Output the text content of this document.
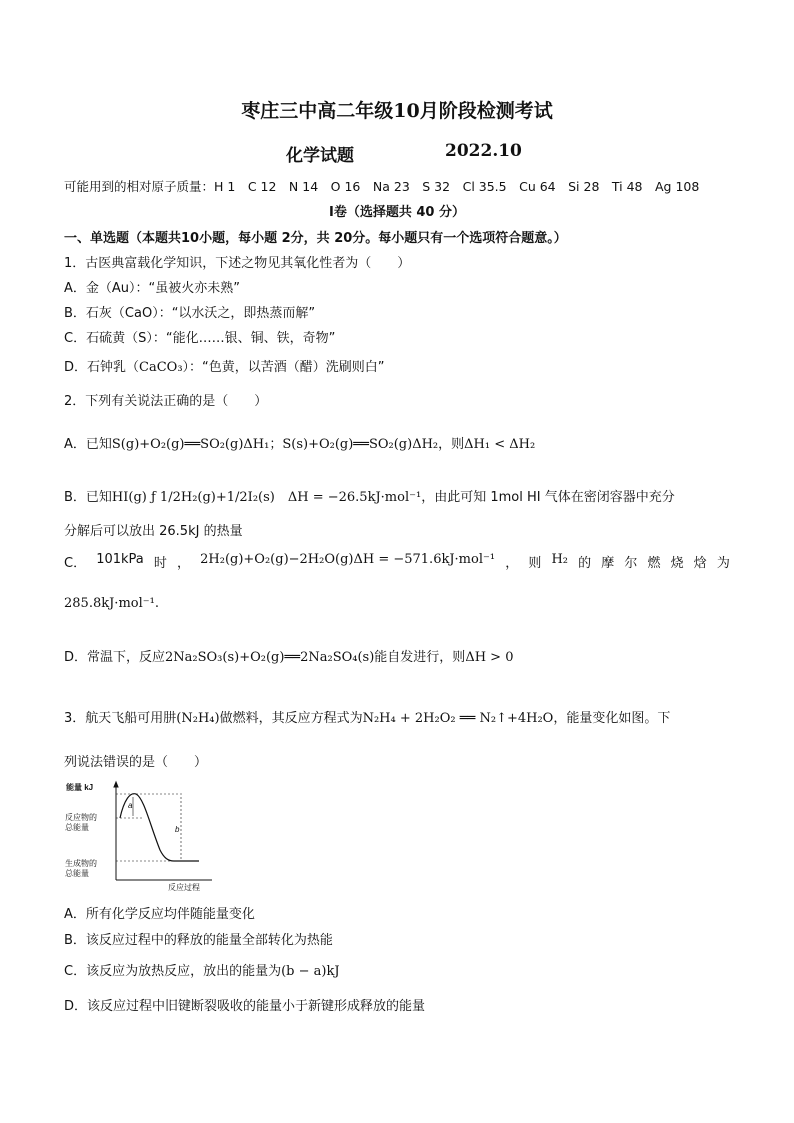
枣庄三中高二年级10月阶段检测考试
化学试题	2022.10
可能用到的相对原子质量：H 1　C 12　N 14　O 16　Na 23　S 32　Cl 35.5　Cu 64　Si 28　Ti 48　Ag 108
Ⅰ卷（选择题共 40 分）
一、单选题（本题共10小题，每小题 2分，共 20分。每小题只有一个选项符合题意。）
1．古医典富载化学知识，下述之物见其氧化性者为（　　）
A．金（Au）：“虽被火亦未熟”
B．石灰（CaO）：“以水沃之，即热蒸而解”
C．石硫黄（S）：“能化……银、铜、铁，奇物”
D．石钟乳（CaCO₃）：“色黄，以苦酒（醋）洗刷则白”
2．下列有关说法正确的是（　　）
A．已知S(g)+O₂(g)══SO₂(g)ΔH₁；S(s)+O₂(g)══SO₂(g)ΔH₂，则ΔH₁ < ΔH₂
B．已知HI(g) ƒ 1/2H₂(g)+1/2I₂(s)　ΔH = −26.5kJ·mol⁻¹，由此可知 1mol HI 气体在密闭容器中充分
分解后可以放出 26.5kJ 的热量
C． 101kPa 时 ， 2H₂(g)+O₂(g)−2H₂O(g)ΔH = −571.6kJ·mol⁻¹ ， 则 H₂ 的 摩 尔 燃 烧 焓 为
285.8kJ·mol⁻¹.
D．常温下，反应2Na₂SO₃(s)+O₂(g)══2Na₂SO₄(s)能自发进行，则ΔH > 0
3．航天飞船可用肼(N₂H₄)做燃料，其反应方程式为N₂H₄ + 2H₂O₂ ══ N₂↑+4H₂O，能量变化如图。下
列说法错误的是（　　）
能量 kJ
反应物的
总能量
生成物的
总能量
反应过程
a
b
A．所有化学反应均伴随能量变化
B．该反应过程中的释放的能量全部转化为热能
C．该反应为放热反应，放出的能量为(b − a)kJ
D．该反应过程中旧键断裂吸收的能量小于新键形成释放的能量
